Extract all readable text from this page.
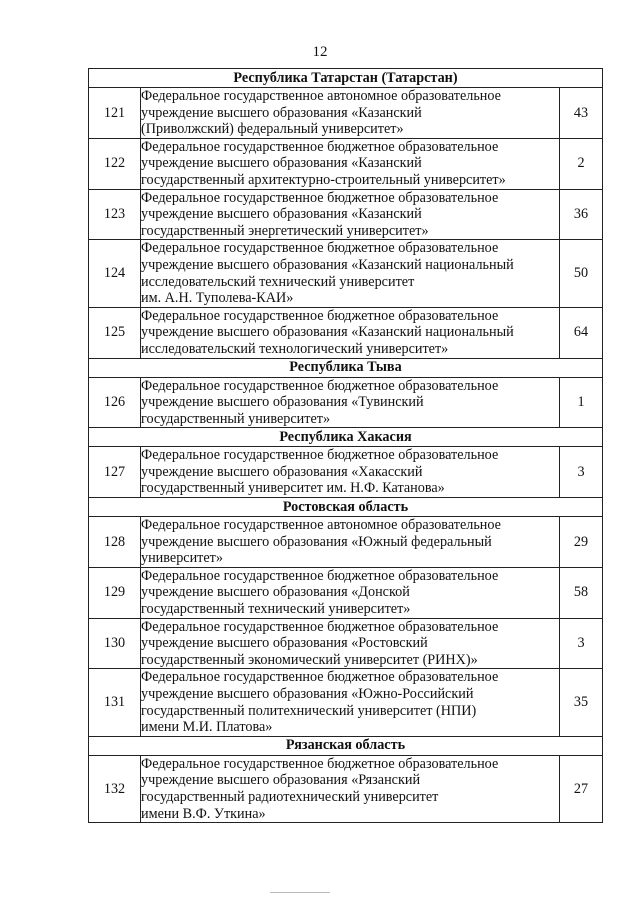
12
Республика Татарстан (Татарстан)		
121	Федеральное государственное автономное образовательное
учреждение высшего образования «Казанский
(Приволжский) федеральный университет»	43
122	Федеральное государственное бюджетное образовательное
учреждение высшего образования «Казанский
государственный архитектурно-строительный университет»	2
123	Федеральное государственное бюджетное образовательное
учреждение высшего образования «Казанский
государственный энергетический университет»	36
124	Федеральное государственное бюджетное образовательное
учреждение высшего образования «Казанский национальный
исследовательский технический университет
им. А.Н. Туполева-КАИ»	50
125	Федеральное государственное бюджетное образовательное
учреждение высшего образования «Казанский национальный
исследовательский технологический университет»	64
Республика Тыва		
126	Федеральное государственное бюджетное образовательное
учреждение высшего образования «Тувинский
государственный университет»	1
Республика Хакасия		
127	Федеральное государственное бюджетное образовательное
учреждение высшего образования «Хакасский
государственный университет им. Н.Ф. Катанова»	3
Ростовская область		
128	Федеральное государственное автономное образовательное
учреждение высшего образования «Южный федеральный
университет»	29
129	Федеральное государственное бюджетное образовательное
учреждение высшего образования «Донской
государственный технический университет»	58
130	Федеральное государственное бюджетное образовательное
учреждение высшего образования «Ростовский
государственный экономический университет (РИНХ)»	3
131	Федеральное государственное бюджетное образовательное
учреждение высшего образования «Южно-Российский
государственный политехнический университет (НПИ)
имени М.И. Платова»	35
Рязанская область		
132	Федеральное государственное бюджетное образовательное
учреждение высшего образования «Рязанский
государственный радиотехнический университет
имени В.Ф. Уткина»	27
